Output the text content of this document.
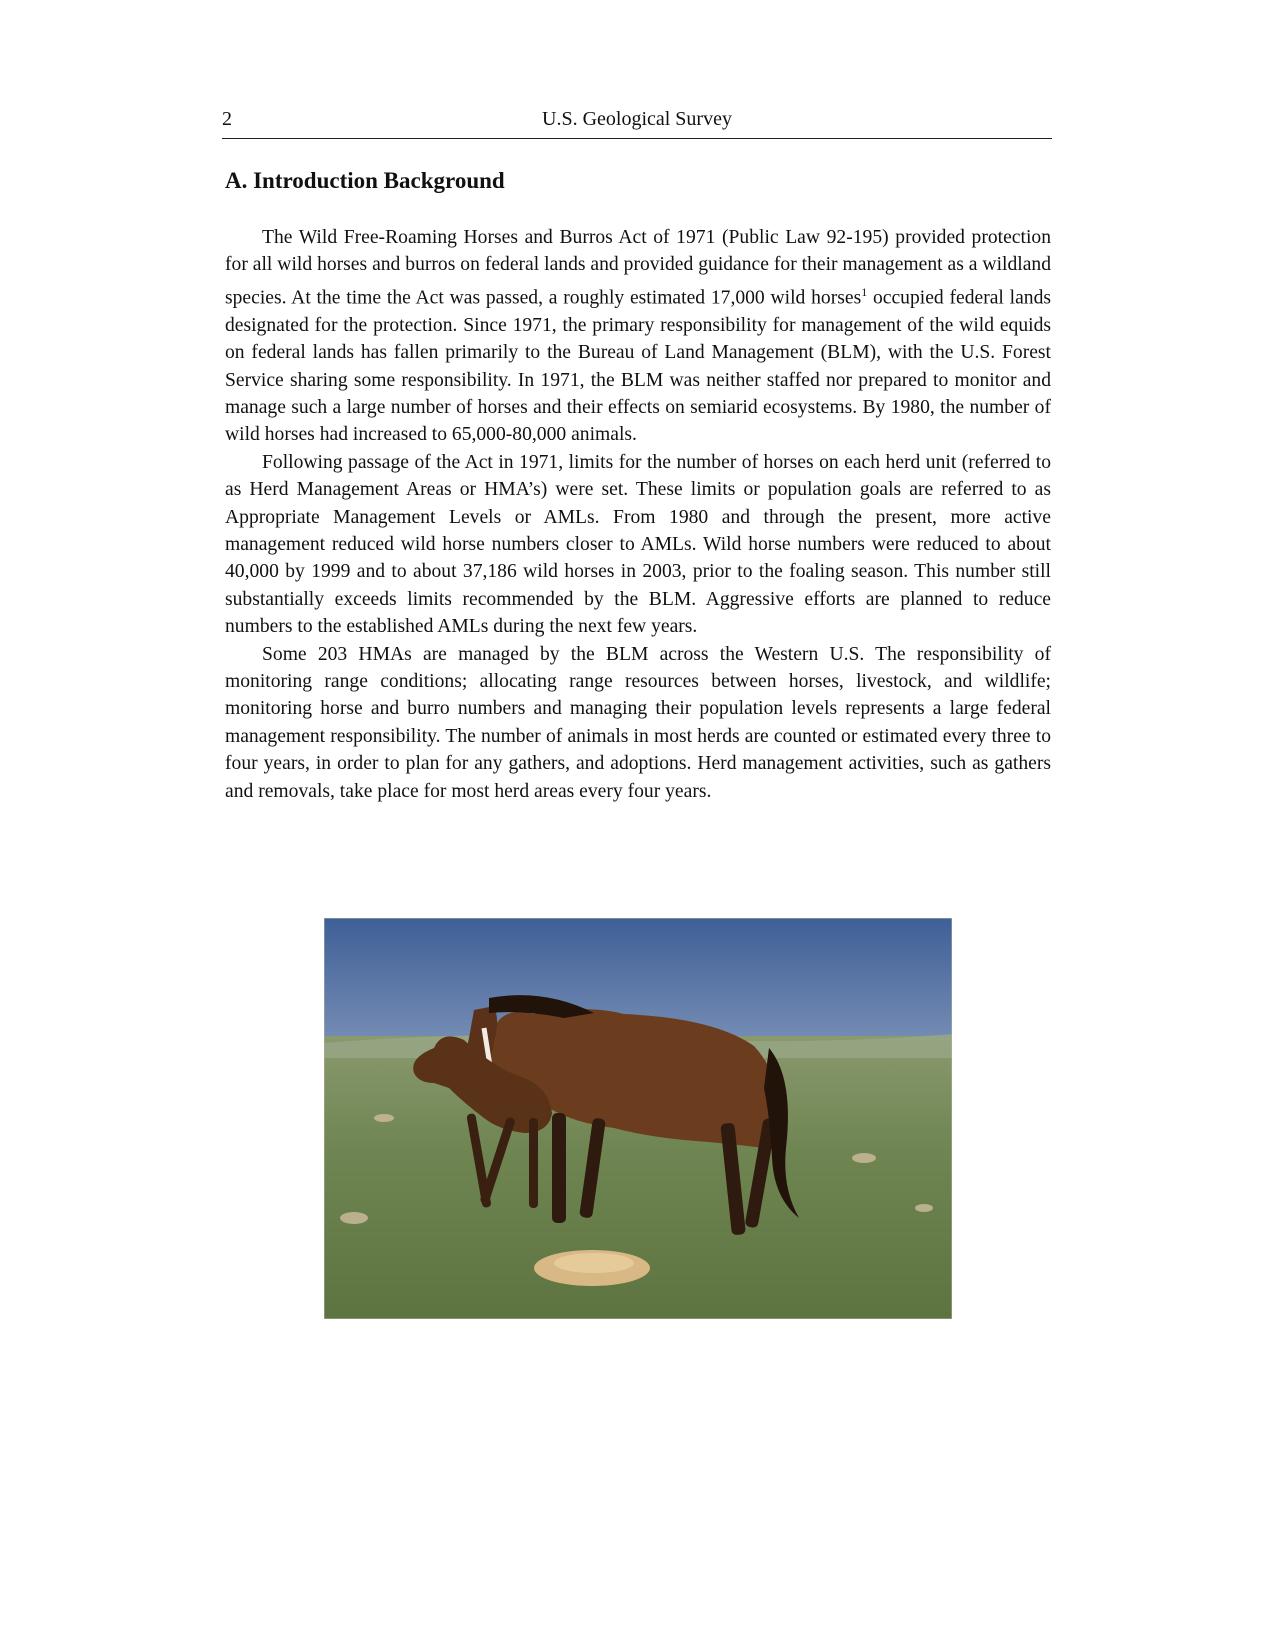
2	U.S. Geological Survey
A. Introduction Background

The Wild Free-Roaming Horses and Burros Act of 1971 (Public Law 92-195) provided protection for all wild horses and burros on federal lands and provided guidance for their management as a wildland species. At the time the Act was passed, a roughly estimated 17,000 wild horses$^1$ occupied federal lands designated for the protection. Since 1971, the primary responsibility for management of the wild equids on federal lands has fallen primarily to the Bureau of Land Management (BLM), with the U.S. Forest Service sharing some responsibility. In 1971, the BLM was neither staffed nor prepared to monitor and manage such a large number of horses and their effects on semiarid ecosystems. By 1980, the number of wild horses had increased to 65,000-80,000 animals.

Following passage of the Act in 1971, limits for the number of horses on each herd unit (referred to as Herd Management Areas or HMA’s) were set. These limits or population goals are referred to as Appropriate Management Levels or AMLs. From 1980 and through the present, more active management reduced wild horse numbers closer to AMLs. Wild horse numbers were reduced to about 40,000 by 1999 and to about 37,186 wild horses in 2003, prior to the foaling season. This number still substantially exceeds limits recommended by the BLM. Aggressive efforts are planned to reduce numbers to the established AMLs during the next few years.

Some 203 HMAs are managed by the BLM across the Western U.S. The responsibility of monitoring range conditions; allocating range resources between horses, livestock, and wildlife; monitoring horse and burro numbers and managing their population levels represents a large federal management responsibility. The number of animals in most herds are counted or estimated every three to four years, in order to plan for any gathers, and adoptions. Herd management activities, such as gathers and removals, take place for most herd areas every four years.
